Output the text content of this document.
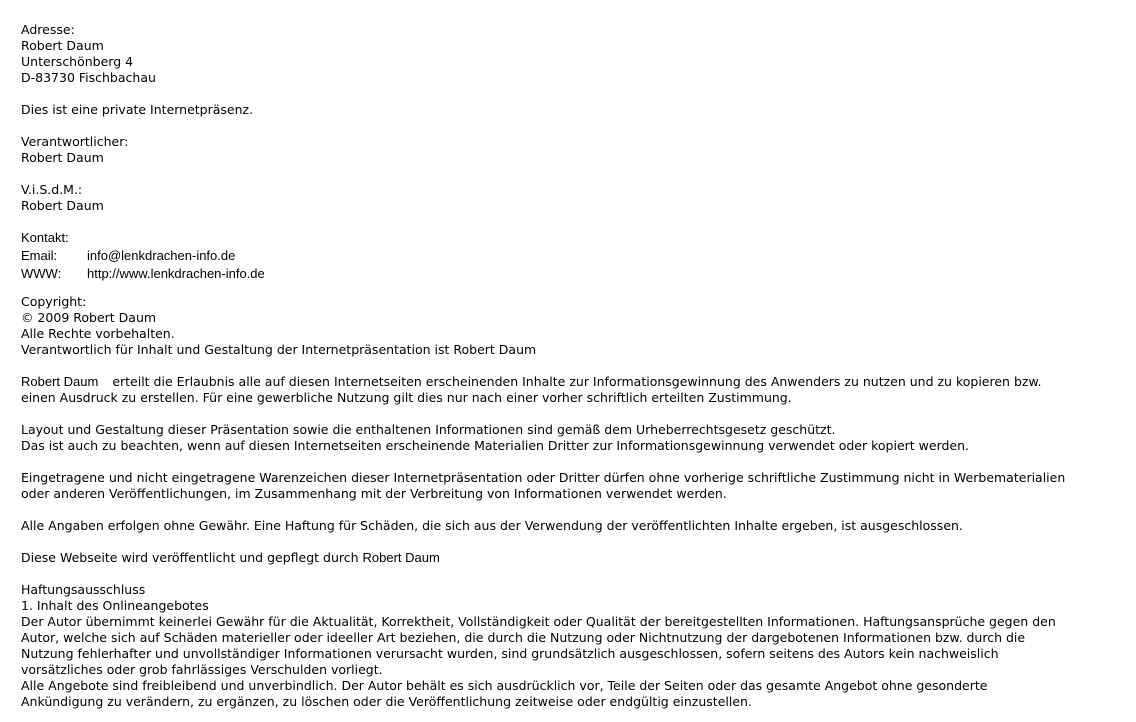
Adresse:
Robert Daum
Unterschönberg 4
D-83730 Fischbachau
Dies ist eine private Internetpräsenz.
Verantwortlicher:
Robert Daum
V.i.S.d.M.:
Robert Daum
Kontakt:
Email: info@lenkdrachen-info.de
WWW: http://www.lenkdrachen-info.de
Copyright:
© 2009 Robert Daum
Alle Rechte vorbehalten.
Verantwortlich für Inhalt und Gestaltung der Internetpräsentation ist Robert Daum
Robert Daum erteilt die Erlaubnis alle auf diesen Internetseiten erscheinenden Inhalte zur Informationsgewinnung des Anwenders zu nutzen und zu kopieren bzw.
einen Ausdruck zu erstellen. Für eine gewerbliche Nutzung gilt dies nur nach einer vorher schriftlich erteilten Zustimmung.
Layout und Gestaltung dieser Präsentation sowie die enthaltenen Informationen sind gemäß dem Urheberrechtsgesetz geschützt.
Das ist auch zu beachten, wenn auf diesen Internetseiten erscheinende Materialien Dritter zur Informationsgewinnung verwendet oder kopiert werden.
Eingetragene und nicht eingetragene Warenzeichen dieser Internetpräsentation oder Dritter dürfen ohne vorherige schriftliche Zustimmung nicht in Werbematerialien
oder anderen Veröffentlichungen, im Zusammenhang mit der Verbreitung von Informationen verwendet werden.
Alle Angaben erfolgen ohne Gewähr. Eine Haftung für Schäden, die sich aus der Verwendung der veröffentlichten Inhalte ergeben, ist ausgeschlossen.
Diese Webseite wird veröffentlicht und gepflegt durch Robert Daum
Haftungsausschluss
1. Inhalt des Onlineangebotes
Der Autor übernimmt keinerlei Gewähr für die Aktualität, Korrektheit, Vollständigkeit oder Qualität der bereitgestellten Informationen. Haftungsansprüche gegen den
Autor, welche sich auf Schäden materieller oder ideeller Art beziehen, die durch die Nutzung oder Nichtnutzung der dargebotenen Informationen bzw. durch die
Nutzung fehlerhafter und unvollständiger Informationen verursacht wurden, sind grundsätzlich ausgeschlossen, sofern seitens des Autors kein nachweislich
vorsätzliches oder grob fahrlässiges Verschulden vorliegt.
Alle Angebote sind freibleibend und unverbindlich. Der Autor behält es sich ausdrücklich vor, Teile der Seiten oder das gesamte Angebot ohne gesonderte
Ankündigung zu verändern, zu ergänzen, zu löschen oder die Veröffentlichung zeitweise oder endgültig einzustellen.
